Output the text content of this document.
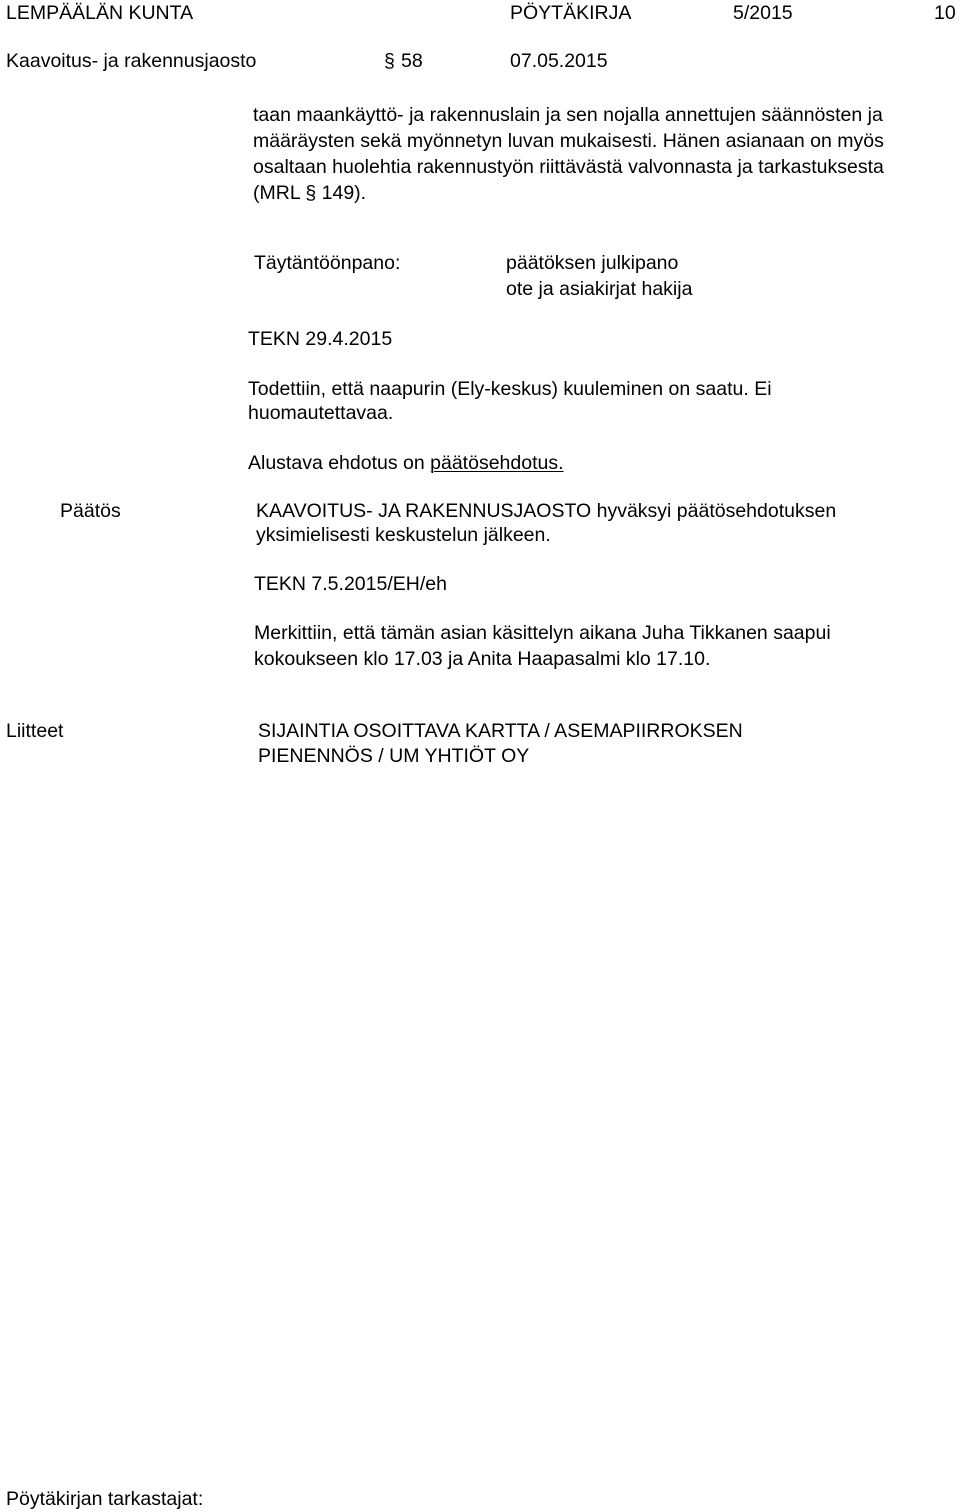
LEMPÄÄLÄN KUNTA	PÖYTÄKIRJA	5/2015	10
Kaavoitus- ja rakennusjaosto	§ 58	07.05.2015
taan maankäyttö- ja rakennuslain ja sen nojalla annettujen säännösten ja
määräysten sekä myönnetyn luvan mukaisesti. Hänen asianaan on myös
osaltaan huolehtia rakennustyön riittävästä valvonnasta ja tarkastuksesta
(MRL § 149).
Täytäntöönpano:	päätöksen julkipano
ote ja asiakirjat hakija
TEKN 29.4.2015
Todettiin, että naapurin (Ely-keskus) kuuleminen on saatu. Ei
huomautettavaa.
Alustava ehdotus on päätösehdotus.
Päätös	KAAVOITUS- JA RAKENNUSJAOSTO hyväksyi päätösehdotuksen
yksimielisesti keskustelun jälkeen.
TEKN 7.5.2015/EH/eh
Merkittiin, että tämän asian käsittelyn aikana Juha Tikkanen saapui
kokoukseen klo 17.03 ja Anita Haapasalmi klo 17.10.
Liitteet	SIJAINTIA OSOITTAVA KARTTA / ASEMAPIIRROKSEN
PIENENNÖS / UM YHTIÖT OY
Pöytäkirjan tarkastajat:
